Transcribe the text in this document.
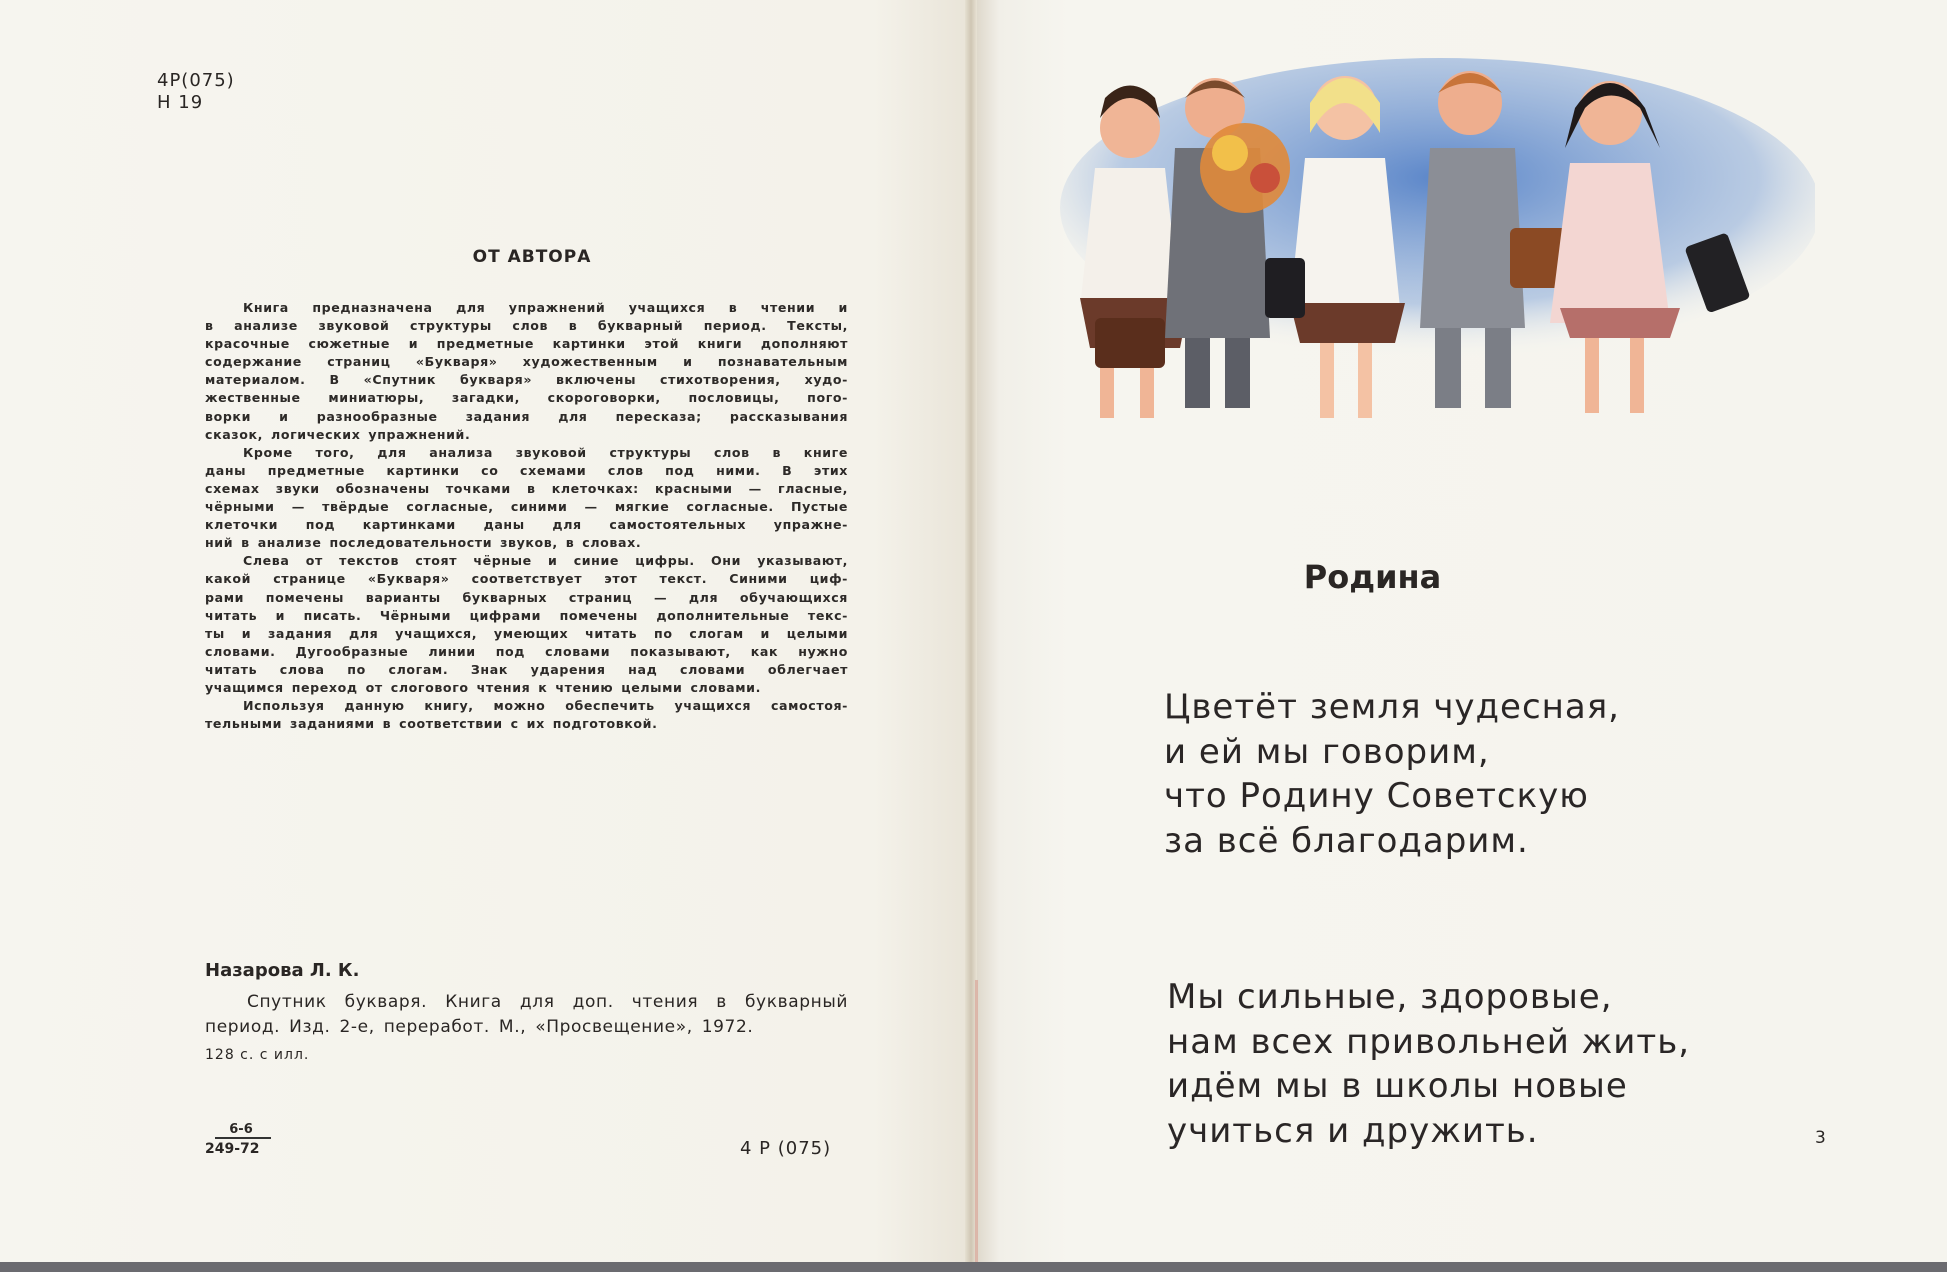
4P(075)
H 19
ОТ АВТОРА
Книга предназначена для упражнений учащихся в чтении и
в анализе звуковой структуры слов в букварный период. Тексты,
красочные сюжетные и предметные картинки этой книги дополняют
содержание страниц «Букваря» художественным и познавательным
материалом. В «Спутник букваря» включены стихотворения, худо-
жественные миниатюры, загадки, скороговорки, пословицы, пого-
ворки и разнообразные задания для пересказа; рассказывания
сказок, логических упражнений.
Кроме того, для анализа звуковой структуры слов в книге
даны предметные картинки со схемами слов под ними. В этих
схемах звуки обозначены точками в клеточках: красными — гласные,
чёрными — твёрдые согласные, синими — мягкие согласные. Пустые
клеточки под картинками даны для самостоятельных упражне-
ний в анализе последовательности звуков, в словах.
Слева от текстов стоят чёрные и синие цифры. Они указывают,
какой странице «Букваря» соответствует этот текст. Синими циф-
рами помечены варианты букварных страниц — для обучающихся
читать и писать. Чёрными цифрами помечены дополнительные текс-
ты и задания для учащихся, умеющих читать по слогам и целыми
словами. Дугообразные линии под словами показывают, как нужно
читать слова по слогам. Знак ударения над словами облегчает
учащимся переход от слогового чтения к чтению целыми словами.
Используя данную книгу, можно обеспечить учащихся самостоя-
тельными заданиями в соответствии с их подготовкой.
Назарова Л. К.
Спутник букваря. Книга для доп. чтения в букварный
период. Изд. 2-е, переработ. М., «Просвещение», 1972.
128 с. с илл.
6-6
249-72	4 Р (075)
Родина
Цветёт земля чудесная,
и ей мы говорим,
что Родину Советскую
за всё благодарим.
Мы сильные, здоровые,
нам всех привольней жить,
идём мы в школы новые
учиться и дружить.	3
